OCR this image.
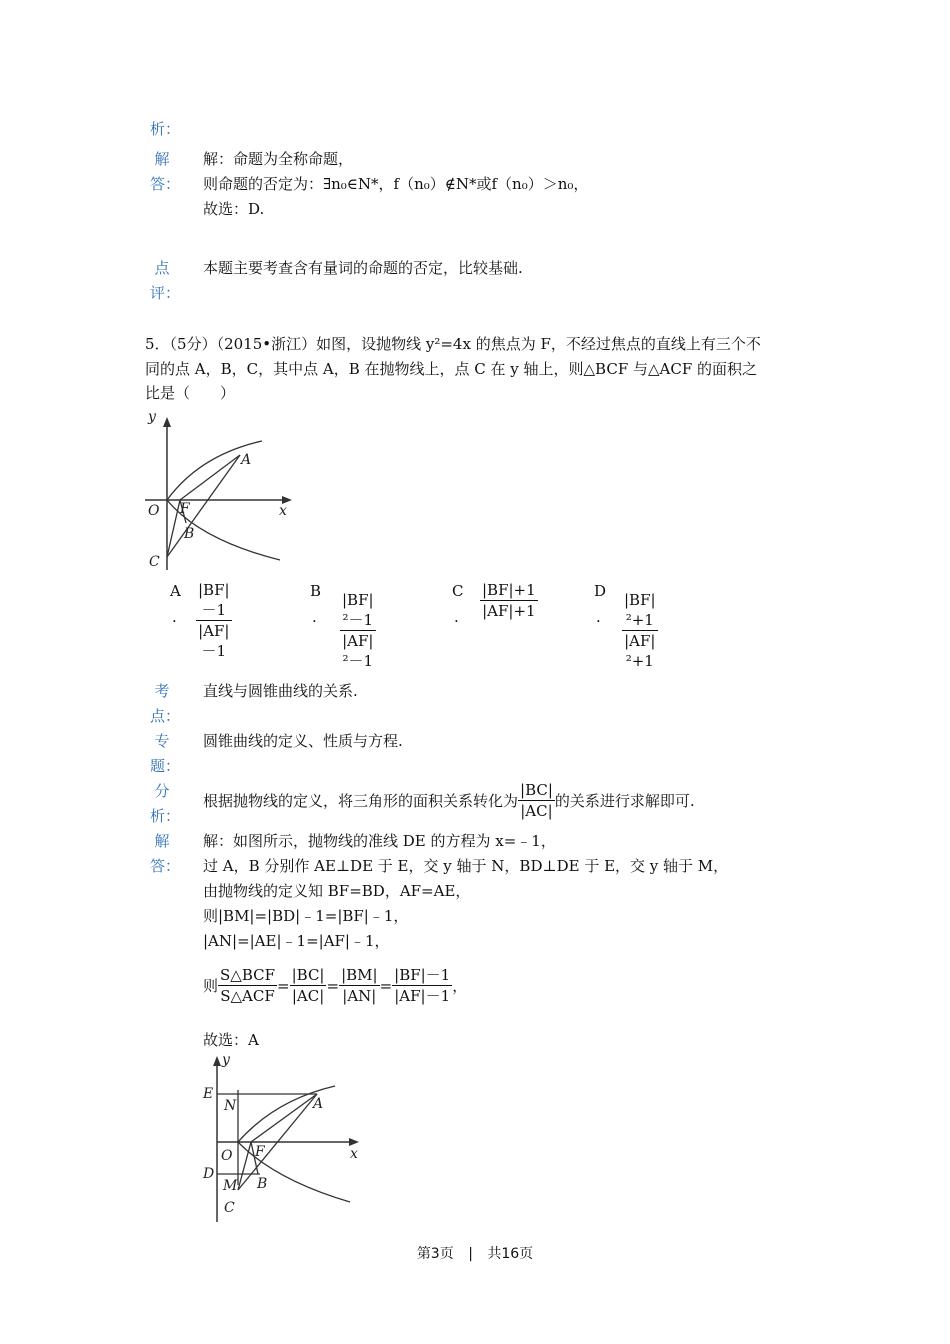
析：
解
答：
解：命题为全称命题，
则命题的否定为：∃n₀∈N*，f（n₀）∉N*或f（n₀）＞n₀，
故选：D.
点
评：
本题主要考查含有量词的命题的否定，比较基础.
5．（5分）（2015•浙江）如图，设抛物线 y²=4x 的焦点为 F，不经过焦点的直线上有三个不
同的点 A，B，C，其中点 A，B 在抛物线上，点 C 在 y 轴上，则△BCF 与△ACF 的面积之
比是（　　）
y
x
O F
A
B
C
A
. $\frac{|BF|-1}{|AF|-1}$	B
. $\frac{\text{|BF|²－1}}{\text{|AF|²－1}}$	C
. $\frac{|BF|+1}{|AF|+1}$	D
. $\frac{\text{|BF|²+1}}{\text{|AF|²+1}}$
考
点：
直线与圆锥曲线的关系.
专
题：
圆锥曲线的定义、性质与方程.
分
析：
根据抛物线的定义，将三角形的面积关系转化为 $\frac{|BC|}{|AC|}$ 的关系进行求解即可.
解
答：
解：如图所示，抛物线的准线 DE 的方程为 x=﹣1，
过 A，B 分别作 AE⊥DE 于 E，交 y 轴于 N，BD⊥DE 于 E，交 y 轴于 M，
由抛物线的定义知 BF=BD，AF=AE，
则|BM|=|BD|﹣1=|BF|﹣1，
|AN|=|AE|﹣1=|AF|﹣1，
则 $\frac{\text{S△BCF}}{\text{S△ACF}} = \frac{|BC|}{|AC|} = \frac{|BM|}{|AN|} = \frac{|BF|-1}{|AF|-1}$ ，
故选：A
y
x
O F
A
B
C
E
N
D
M
第3页 | 共16页
